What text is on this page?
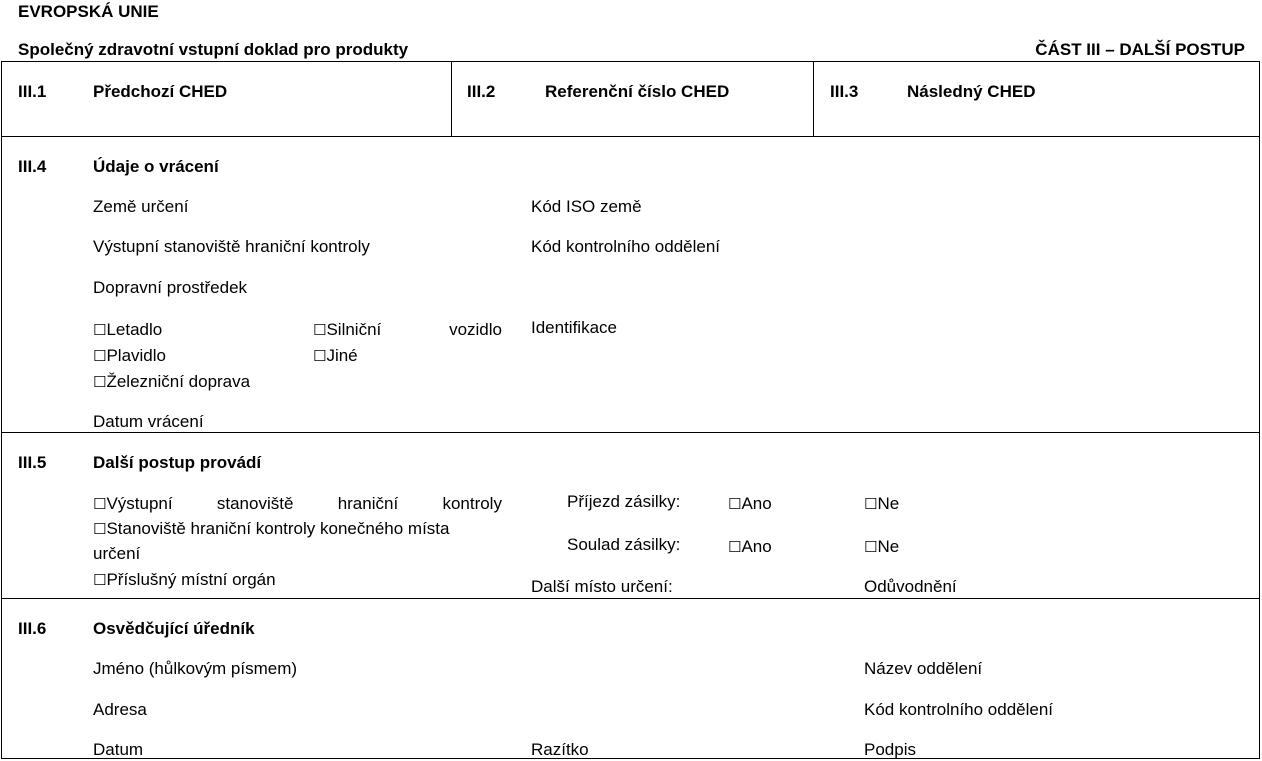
EVROPSKÁ UNIE
Společný zdravotní vstupní doklad pro produkty	ČÁST III – DALŠÍ POSTUP
III.1	Předchozí CHED	III.2	Referenční číslo CHED	III.3	Následný CHED
III.4	Údaje o vrácení
Země určení	Kód ISO země
Výstupní stanoviště hraniční kontroly	Kód kontrolního oddělení
Dopravní prostředek
☐Letadlo	☐Silniční	vozidlo
☐Plavidlo	☐Jiné
☐Železniční doprava
Identifikace
Datum vrácení
III.5	Další postup provádí
☐Výstupní	stanoviště	hraniční	kontroly
☐Stanoviště hraniční kontroly konečného místa
určení
☐Příslušný místní orgán
Příjezd zásilky:	☐Ano	☐Ne
Soulad zásilky:	☐Ano	☐Ne
Další místo určení:	Odůvodnění
III.6	Osvědčující úředník
Jméno (hůlkovým písmem)	Název oddělení
Adresa	Kód kontrolního oddělení
Datum	Razítko	Podpis
